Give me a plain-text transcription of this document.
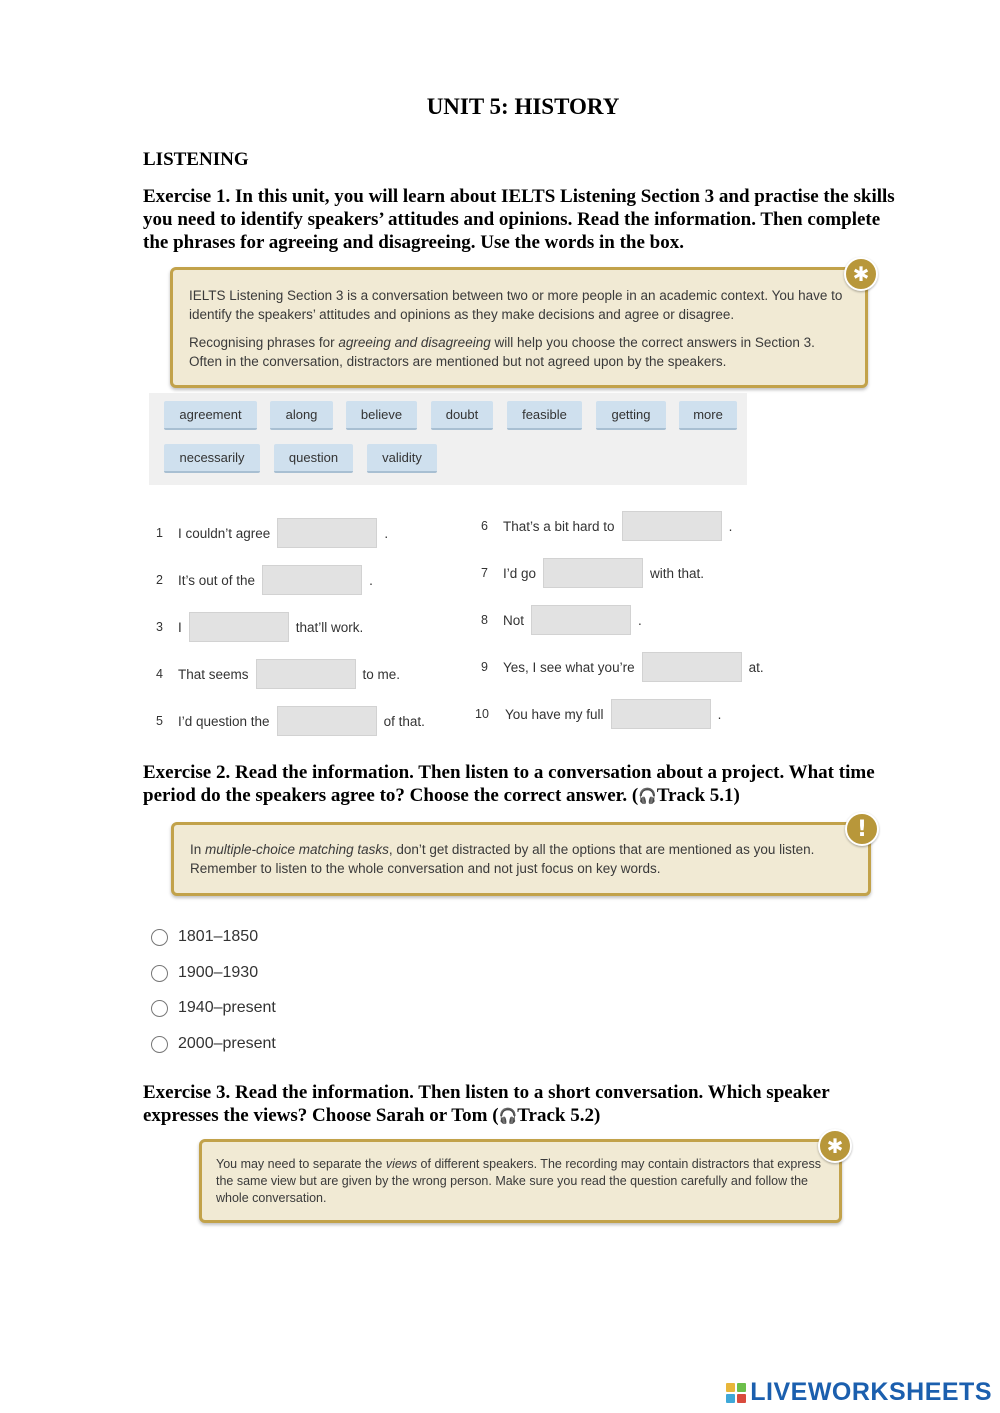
UNIT 5: HISTORY
LISTENING
Exercise 1. In this unit, you will learn about IELTS Listening Section 3 and practise the skills you need to identify speakers’ attitudes and opinions. Read the information. Then complete the phrases for agreeing and disagreeing. Use the words in the box.

IELTS Listening Section 3 is a conversation between two or more people in an academic context. You have to identify the speakers’ attitudes and opinions as they make decisions and agree or disagree.

Recognising phrases for agreeing and disagreeing will help you choose the correct answers in Section 3. Often in the conversation, distractors are mentioned but not agreed upon by the speakers.

✱
agreement	along	believe	doubt	feasible	getting	more
necessarily	question	validity
1	I couldn’t agree	.
2	It’s out of the	.
3	I	that’ll work.
4	That seems	to me.
5	I’d question the	of that.
6	That’s a bit hard to	.
7	I’d go	with that.
8	Not	.
9	Yes, I see what you’re	at.
10	You have my full	.
Exercise 2. Read the information. Then listen to a conversation about a project. What time period do the speakers agree to? Choose the correct answer. (🎧Track 5.1)

In multiple-choice matching tasks, don’t get distracted by all the options that are mentioned as you listen. Remember to listen to the whole conversation and not just focus on key words.

!
1801–1850
1900–1930
1940–present
2000–present
Exercise 3. Read the information. Then listen to a short conversation. Which speaker expresses the views? Choose Sarah or Tom (🎧Track 5.2)

You may need to separate the views of different speakers. The recording may contain distractors that express the same view but are given by the wrong person. Make sure you read the question carefully and follow the whole conversation.

✱
LIVEWORKSHEETS
